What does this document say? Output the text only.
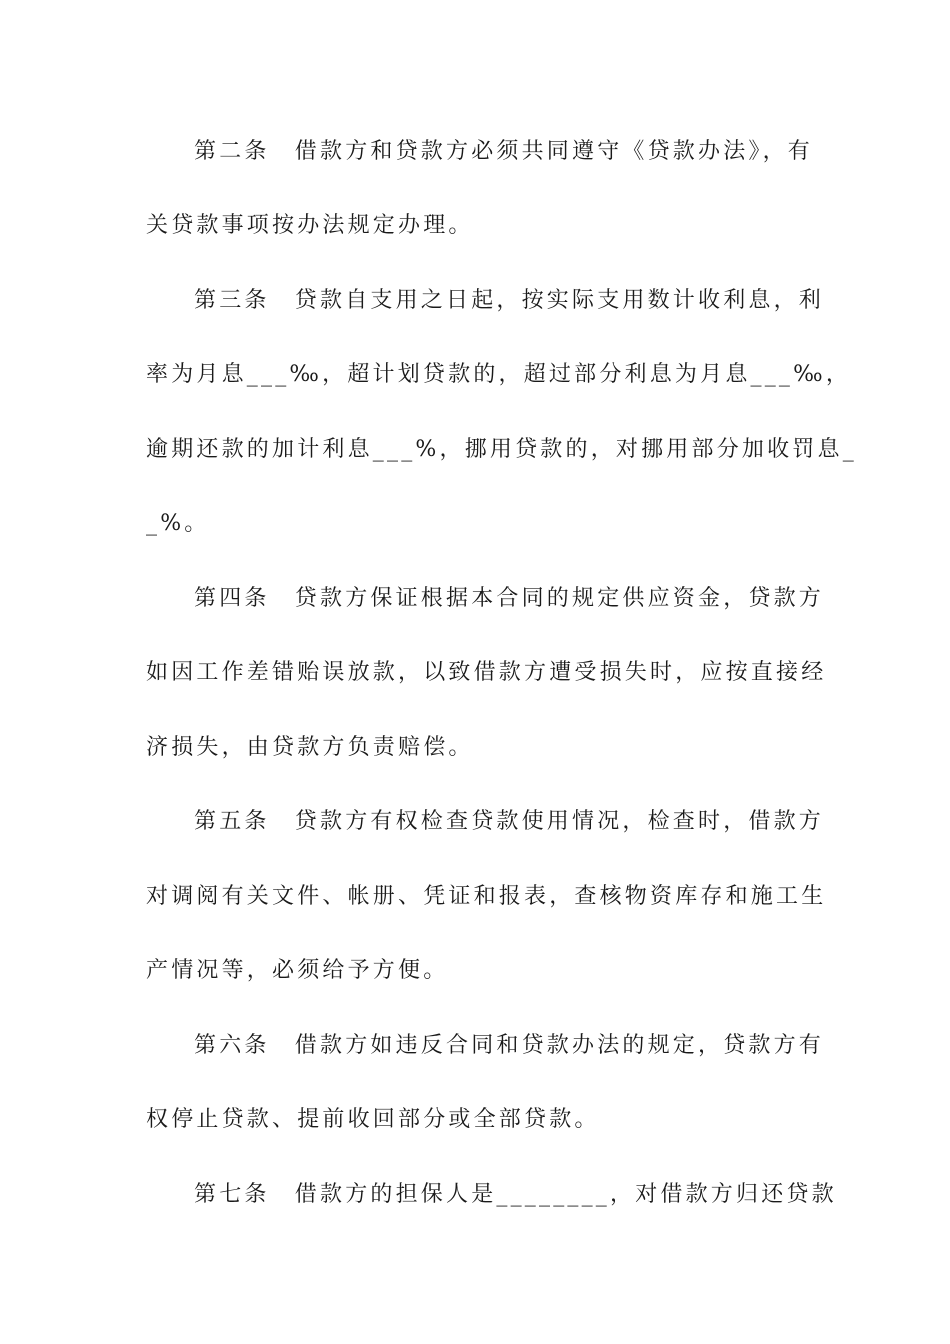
第二条　借款方和贷款方必须共同遵守《贷款办法》，有
关贷款事项按办法规定办理。
第三条　贷款自支用之日起，按实际支用数计收利息，利
率为月息___‰，超计划贷款的，超过部分利息为月息___‰，
逾期还款的加计利息___%，挪用贷款的，对挪用部分加收罚息_
_%。
第四条　贷款方保证根据本合同的规定供应资金，贷款方
如因工作差错贻误放款，以致借款方遭受损失时，应按直接经
济损失，由贷款方负责赔偿。
第五条　贷款方有权检查贷款使用情况，检查时，借款方
对调阅有关文件、帐册、凭证和报表，查核物资库存和施工生
产情况等，必须给予方便。
第六条　借款方如违反合同和贷款办法的规定，贷款方有
权停止贷款、提前收回部分或全部贷款。
第七条　借款方的担保人是________，对借款方归还贷款
